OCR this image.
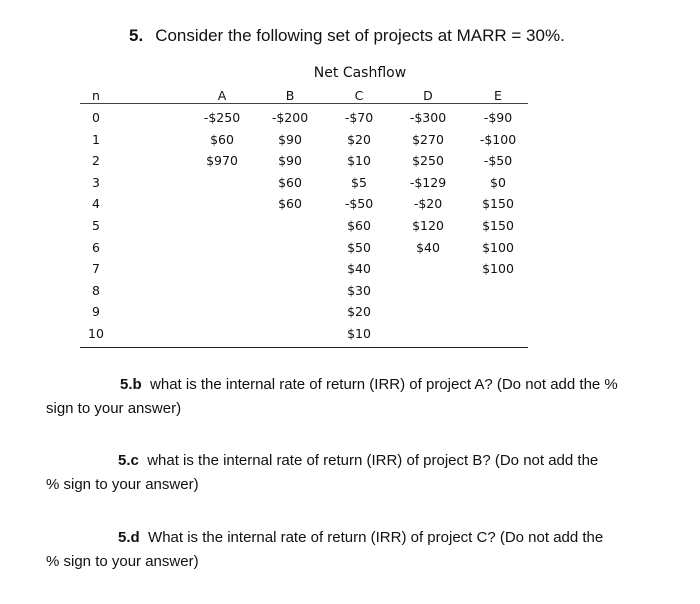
5. Consider the following set of projects at MARR = 30%.
Net Cashflow
n
0
1
2
3
4
5
6
7
8
9
10
A
-$250
$60
$970
B
-$200
$90
$90
$60
$60
C
-$70
$20
$10
$5
-$50
$60
$50
$40
$30
$20
$10
D
-$300
$270
$250
-$129
-$20
$120
$40
E
-$90
-$100
-$50
$0
$150
$150
$100
$100
5.b what is the internal rate of return (IRR) of project A? (Do not add the %
sign to your answer)
5.c what is the internal rate of return (IRR) of project B? (Do not add the
% sign to your answer)
5.d What is the internal rate of return (IRR) of project C? (Do not add the
% sign to your answer)
